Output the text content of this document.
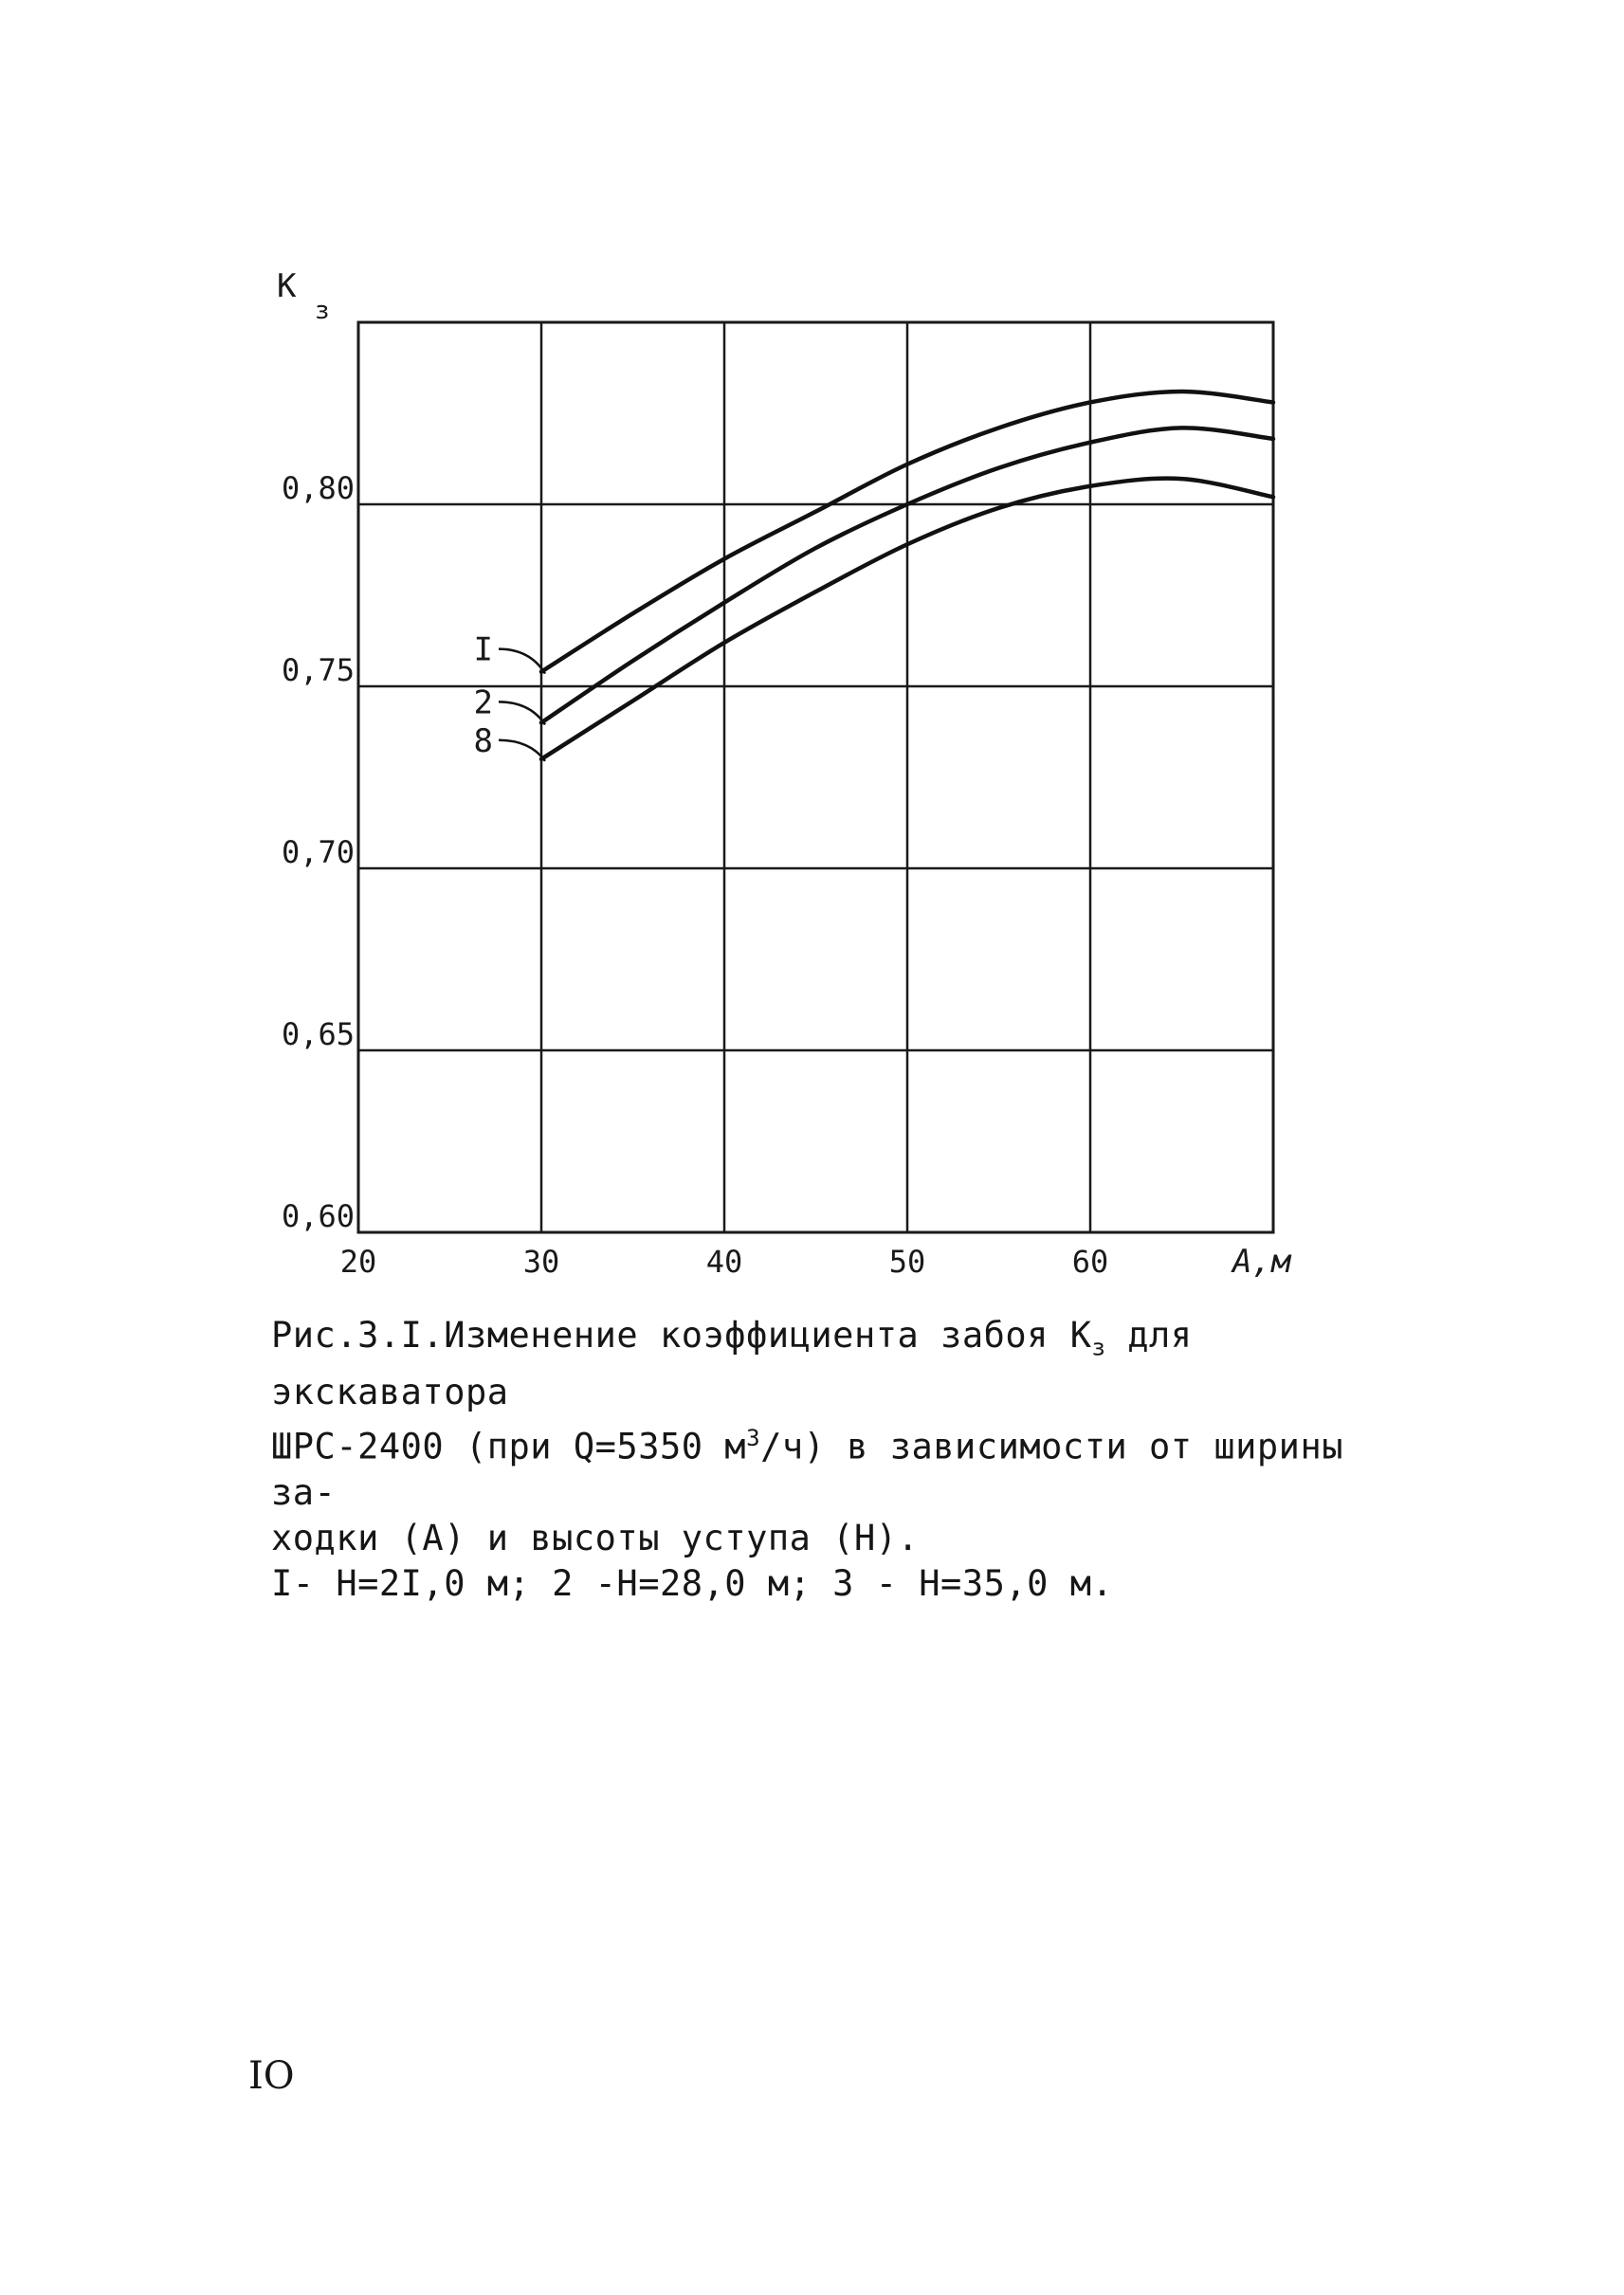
20	30	40	50	60
0,60
0,65
0,70
0,75
0,80
I
2
8
К
з
А,м

Рис.3.I.Изменение коэффициента забоя $К_з$ для экскаватора

ШРС-2400 (при Q=5350 $м^3/ч$) в зависимости от ширины за-

ходки (А) и высоты уступа (Н).

I- Н=2I,0 м; 2 -Н=28,0 м; 3 - Н=35,0 м.

IO
